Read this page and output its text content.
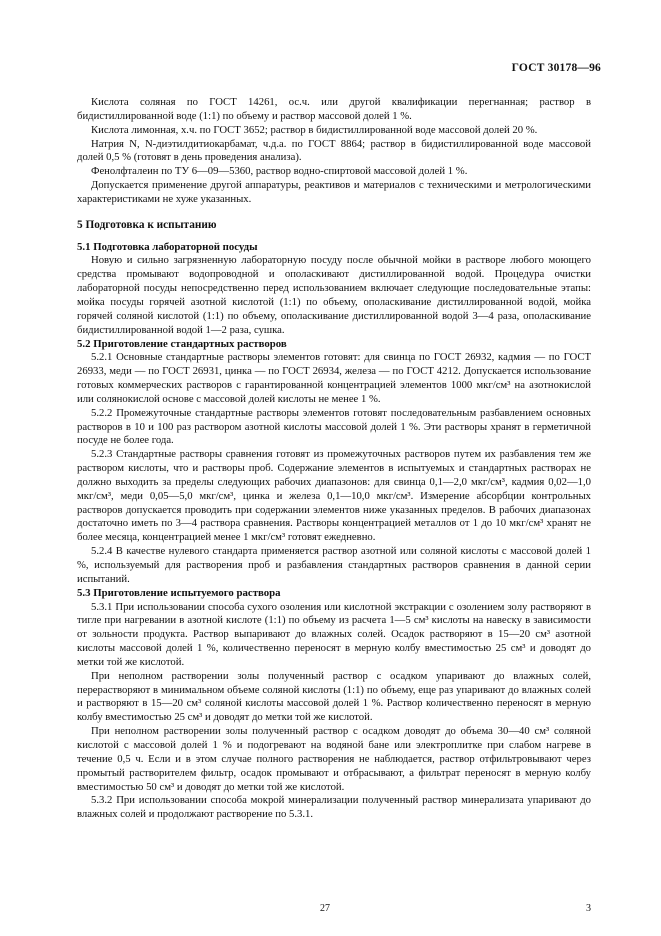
ГОСТ 30178—96

Кислота соляная по ГОСТ 14261, ос.ч. или другой квалификации перегнанная; раствор в бидистиллированной воде (1:1) по объему и раствор массовой долей 1 %.

Кислота лимонная, х.ч. по ГОСТ 3652; раствор в бидистиллированной воде массовой долей 20 %.

Натрия N, N-диэтилдитиокарбамат, ч.д.а. по ГОСТ 8864; раствор в бидистиллированной воде массовой долей 0,5 % (готовят в день проведения анализа).

Фенолфталеин по ТУ 6—09—5360, раствор водно-спиртовой массовой долей 1 %.

Допускается применение другой аппаратуры, реактивов и материалов с техническими и метрологическими характеристиками не хуже указанных.

5 Подготовка к испытанию
5.1 Подготовка лабораторной посуды

Новую и сильно загрязненную лабораторную посуду после обычной мойки в растворе любого моющего средства промывают водопроводной и ополаскивают дистиллированной водой. Процедура очистки лабораторной посуды непосредственно перед использованием включает следующие последовательные этапы: мойка посуды горячей азотной кислотой (1:1) по объему, ополаскивание дистиллированной водой, мойка горячей соляной кислотой (1:1) по объему, ополаскивание дистиллированной водой 3—4 раза, ополаскивание бидистиллированной водой 1—2 раза, сушка.

5.2 Приготовление стандартных растворов

5.2.1 Основные стандартные растворы элементов готовят: для свинца по ГОСТ 26932, кадмия — по ГОСТ 26933, меди — по ГОСТ 26931, цинка — по ГОСТ 26934, железа — по ГОСТ 4212. Допускается использование готовых коммерческих растворов с гарантированной концентрацией элементов 1000 мкг/см³ на азотнокислой или солянокислой основе с массовой долей кислоты не менее 1 %.

5.2.2 Промежуточные стандартные растворы элементов готовят последовательным разбавлением основных растворов в 10 и 100 раз раствором азотной кислоты массовой долей 1 %. Эти растворы хранят в герметичной посуде не более года.

5.2.3 Стандартные растворы сравнения готовят из промежуточных растворов путем их разбавления тем же раствором кислоты, что и растворы проб. Содержание элементов в испытуемых и стандартных растворах не должно выходить за пределы следующих рабочих диапазонов: для свинца 0,1—2,0 мкг/см³, кадмия 0,02—1,0 мкг/см³, меди 0,05—5,0 мкг/см³, цинка и железа 0,1—10,0 мкг/см³. Измерение абсорбции контрольных растворов допускается проводить при содержании элементов ниже указанных пределов. В рабочих диапазонах достаточно иметь по 3—4 раствора сравнения. Растворы концентрацией металлов от 1 до 10 мкг/см³ хранят не более месяца, концентрацией менее 1 мкг/см³ готовят ежедневно.

5.2.4 В качестве нулевого стандарта применяется раствор азотной или соляной кислоты с массовой долей 1 %, используемый для растворения проб и разбавления стандартных растворов сравнения в данной серии испытаний.

5.3 Приготовление испытуемого раствора

5.3.1 При использовании способа сухого озоления или кислотной экстракции с озолением золу растворяют в тигле при нагревании в азотной кислоте (1:1) по объему из расчета 1—5 см³ кислоты на навеску в зависимости от зольности продукта. Раствор выпаривают до влажных солей. Осадок растворяют в 15—20 см³ азотной кислоты массовой долей 1 %, количественно переносят в мерную колбу вместимостью 25 см³ и доводят до метки той же кислотой.

При неполном растворении золы полученный раствор с осадком упаривают до влажных солей, перерастворяют в минимальном объеме соляной кислоты (1:1) по объему, еще раз упаривают до влажных солей и растворяют в 15—20 см³ соляной кислоты массовой долей 1 %. Раствор количественно переносят в мерную колбу вместимостью 25 см³ и доводят до метки той же кислотой.

При неполном растворении золы полученный раствор с осадком доводят до объема 30—40 см³ соляной кислотой с массовой долей 1 % и подогревают на водяной бане или электроплитке при слабом нагреве в течение 0,5 ч. Если и в этом случае полного растворения не наблюдается, раствор отфильтровывают через промытый растворителем фильтр, осадок промывают и отбрасывают, а фильтрат переносят в мерную колбу вместимостью 50 см³ и доводят до метки той же кислотой.

5.3.2 При использовании способа мокрой минерализации полученный раствор минерализата упаривают до влажных солей и продолжают растворение по 5.3.1.

27	3
